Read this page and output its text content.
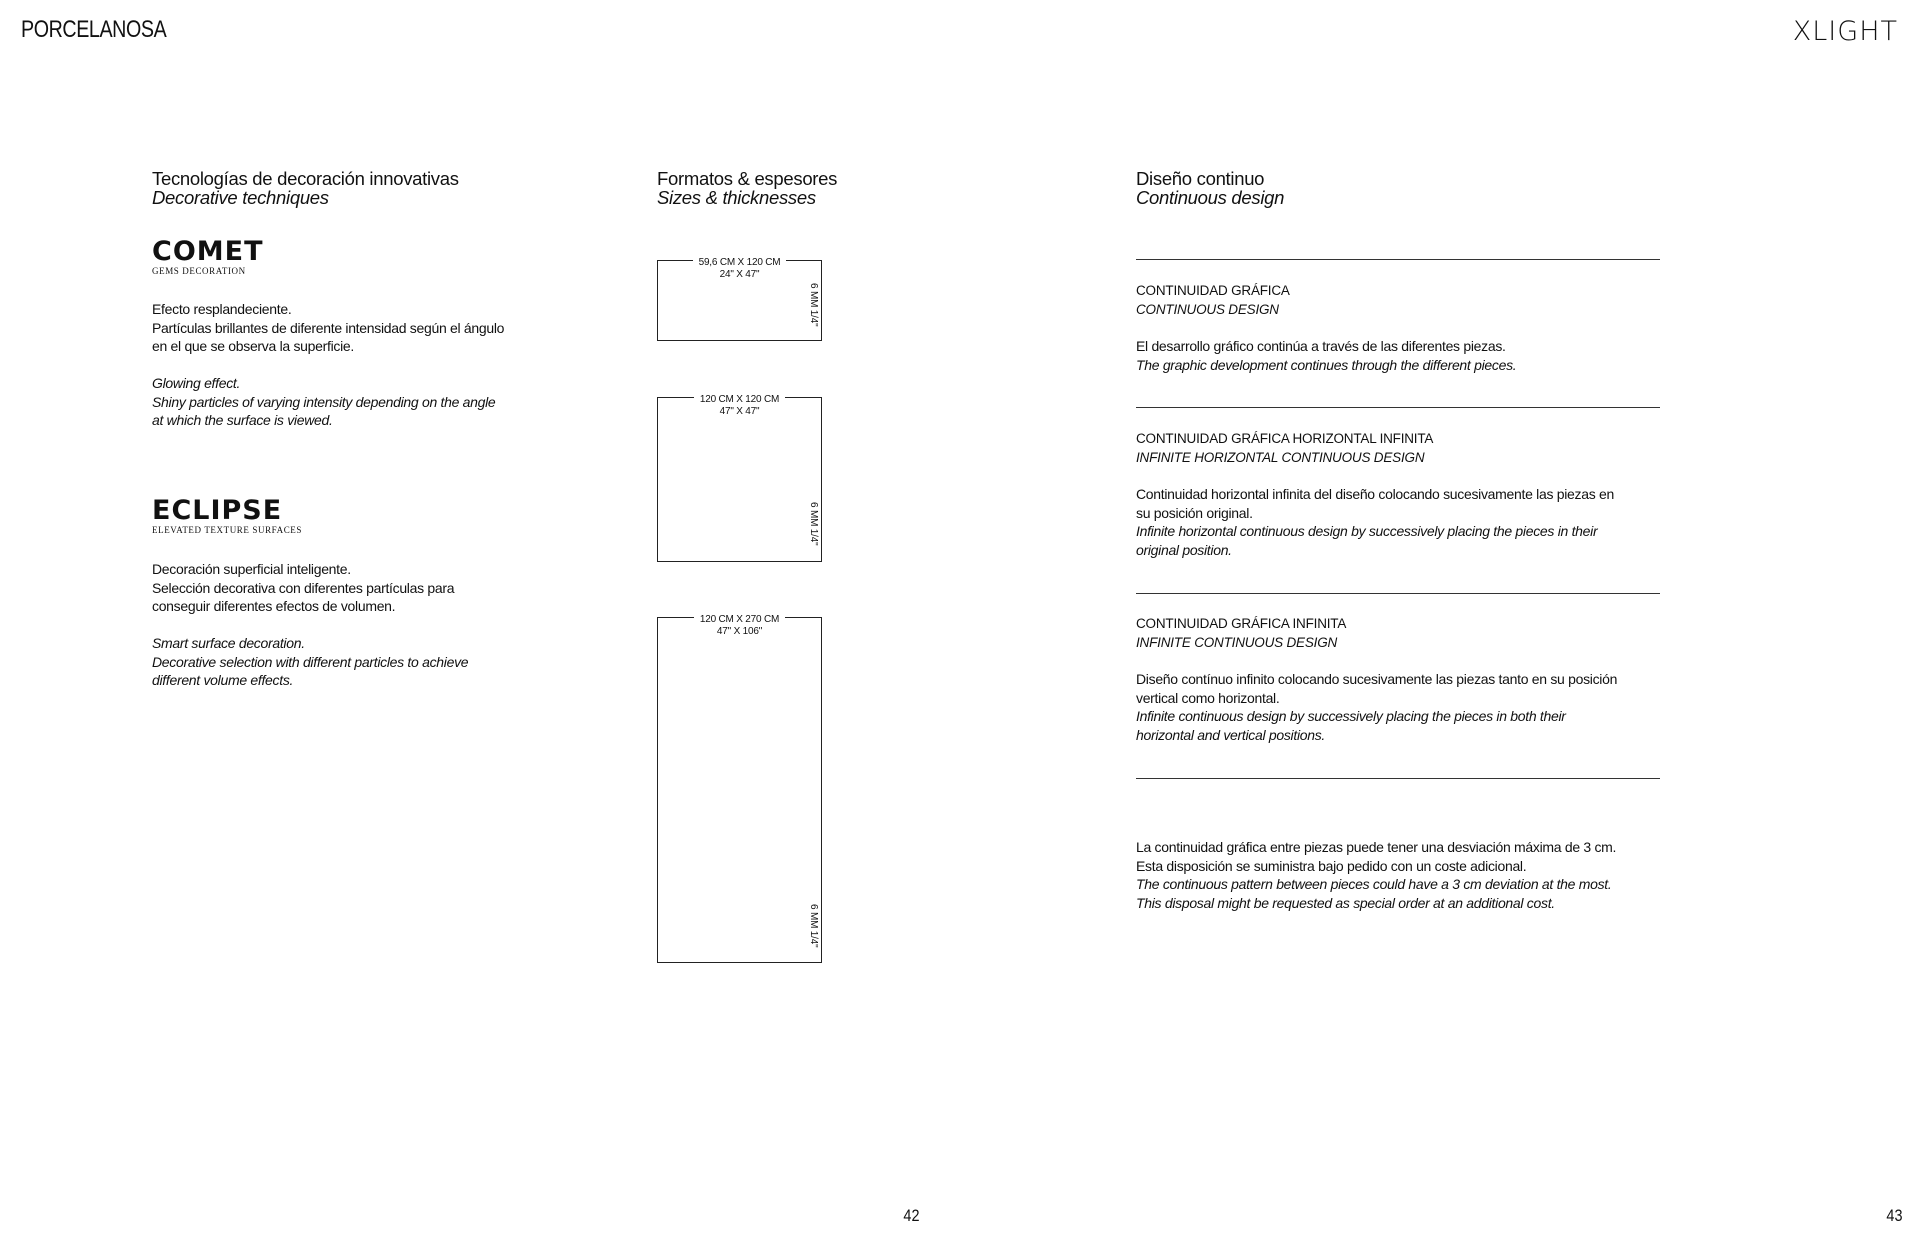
PORCELANOSA	XLIGHT
Tecnologías de decoración innovativas
Decorative techniques
COMET
GEMS DECORATION
Efecto resplandeciente.
Partículas brillantes de diferente intensidad según el ángulo
en el que se observa la superficie.
Glowing effect.
Shiny particles of varying intensity depending on the angle
at which the surface is viewed.
ECLIPSE
ELEVATED TEXTURE SURFACES
Decoración superficial inteligente.
Selección decorativa con diferentes partículas para
conseguir diferentes efectos de volumen.
Smart surface decoration.
Decorative selection with different particles to achieve
different volume effects.
Formatos & espesores
Sizes & thicknesses
59,6 CM X 120 CM
24" X 47"
6 MM 1/4"
120 CM X 120 CM
47" X 47"
6 MM 1/4"
120 CM X 270 CM
47" X 106"
6 MM 1/4"
Diseño continuo
Continuous design
CONTINUIDAD GRÁFICA
CONTINUOUS DESIGN
El desarrollo gráfico continúa a través de las diferentes piezas.
The graphic development continues through the different pieces.
CONTINUIDAD GRÁFICA HORIZONTAL INFINITA
INFINITE HORIZONTAL CONTINUOUS DESIGN
Continuidad horizontal infinita del diseño colocando sucesivamente las piezas en
su posición original.
Infinite horizontal continuous design by successively placing the pieces in their
original position.
CONTINUIDAD GRÁFICA INFINITA
INFINITE CONTINUOUS DESIGN
Diseño contínuo infinito colocando sucesivamente las piezas tanto en su posición
vertical como horizontal.
Infinite continuous design by successively placing the pieces in both their
horizontal and vertical positions.
La continuidad gráfica entre piezas puede tener una desviación máxima de 3 cm.
Esta disposición se suministra bajo pedido con un coste adicional.
The continuous pattern between pieces could have a 3 cm deviation at the most.
This disposal might be requested as special order at an additional cost.
42	43
